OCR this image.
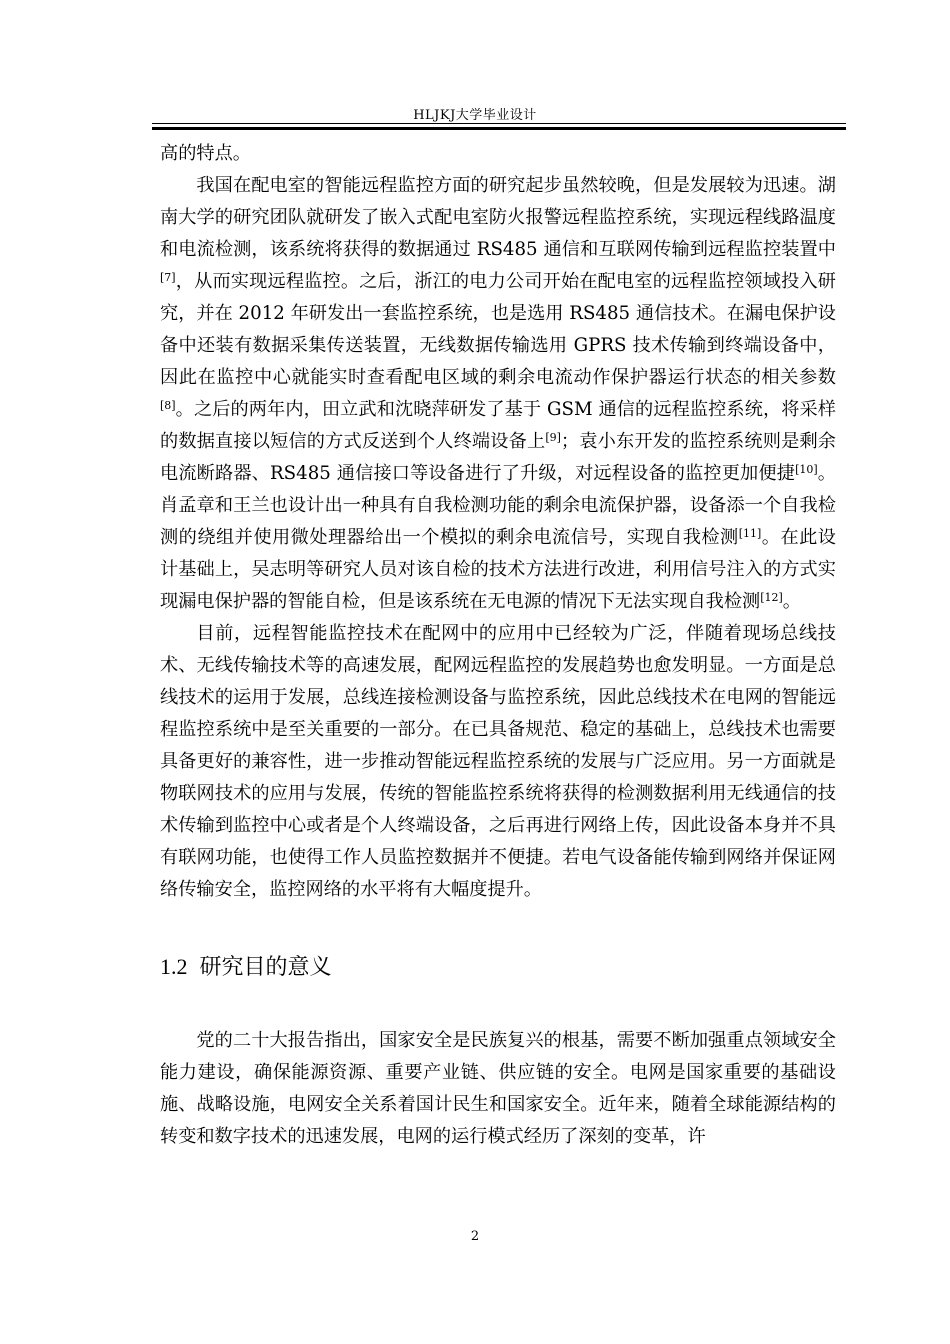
HLJKJ大学毕业设计

高的特点。

我国在配电室的智能远程监控方面的研究起步虽然较晚，但是发展较为迅速。湖南大学的研究团队就研发了嵌入式配电室防火报警远程监控系统，实现远程线路温度和电流检测，该系统将获得的数据通过 RS485 通信和互联网传输到远程监控装置中[7]，从而实现远程监控。之后，浙江的电力公司开始在配电室的远程监控领域投入研究，并在 2012 年研发出一套监控系统，也是选用 RS485 通信技术。在漏电保护设备中还装有数据采集传送装置，无线数据传输选用 GPRS 技术传输到终端设备中，因此在监控中心就能实时查看配电区域的剩余电流动作保护器运行状态的相关参数[8]。之后的两年内，田立武和沈晓萍研发了基于 GSM 通信的远程监控系统，将采样的数据直接以短信的方式反送到个人终端设备上[9]；袁小东开发的监控系统则是剩余电流断路器、RS485 通信接口等设备进行了升级，对远程设备的监控更加便捷[10]。肖孟章和王兰也设计出一种具有自我检测功能的剩余电流保护器，设备添一个自我检测的绕组并使用微处理器给出一个模拟的剩余电流信号，实现自我检测[11]。在此设计基础上，吴志明等研究人员对该自检的技术方法进行改进，利用信号注入的方式实现漏电保护器的智能自检，但是该系统在无电源的情况下无法实现自我检测[12]。

目前，远程智能监控技术在配网中的应用中已经较为广泛，伴随着现场总线技术、无线传输技术等的高速发展，配网远程监控的发展趋势也愈发明显。一方面是总线技术的运用于发展，总线连接检测设备与监控系统，因此总线技术在电网的智能远程监控系统中是至关重要的一部分。在已具备规范、稳定的基础上，总线技术也需要具备更好的兼容性，进一步推动智能远程监控系统的发展与广泛应用。另一方面就是物联网技术的应用与发展，传统的智能监控系统将获得的检测数据利用无线通信的技术传输到监控中心或者是个人终端设备，之后再进行网络上传，因此设备本身并不具有联网功能，也使得工作人员监控数据并不便捷。若电气设备能传输到网络并保证网络传输安全，监控网络的水平将有大幅度提升。

1.2 研究目的意义

党的二十大报告指出，国家安全是民族复兴的根基，需要不断加强重点领域安全能力建设，确保能源资源、重要产业链、供应链的安全。电网是国家重要的基础设施、战略设施，电网安全关系着国计民生和国家安全。近年来，随着全球能源结构的转变和数字技术的迅速发展，电网的运行模式经历了深刻的变革，许

2
